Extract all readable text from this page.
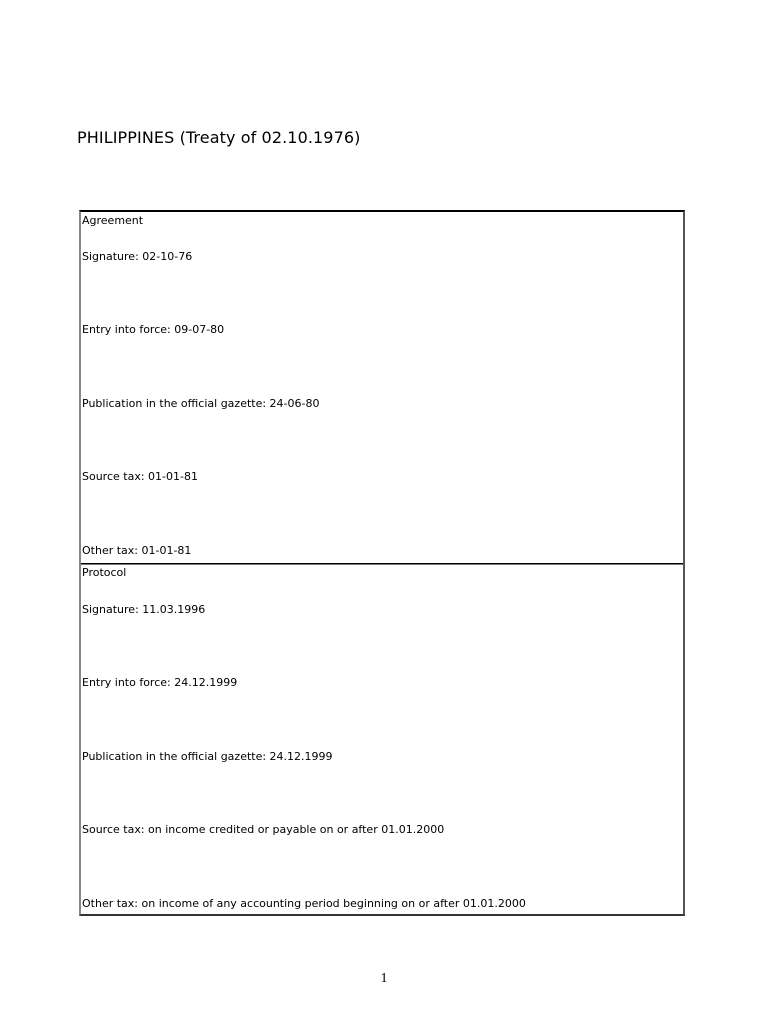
PHILIPPINES (Treaty of 02.10.1976)
Agreement
Signature: 02-10-76
Entry into force: 09-07-80
Publication in the official gazette: 24-06-80
Source tax: 01-01-81
Other tax: 01-01-81
Protocol
Signature: 11.03.1996
Entry into force: 24.12.1999
Publication in the official gazette: 24.12.1999
Source tax: on income credited or payable on or after 01.01.2000
Other tax: on income of any accounting period beginning on or after 01.01.2000
1
